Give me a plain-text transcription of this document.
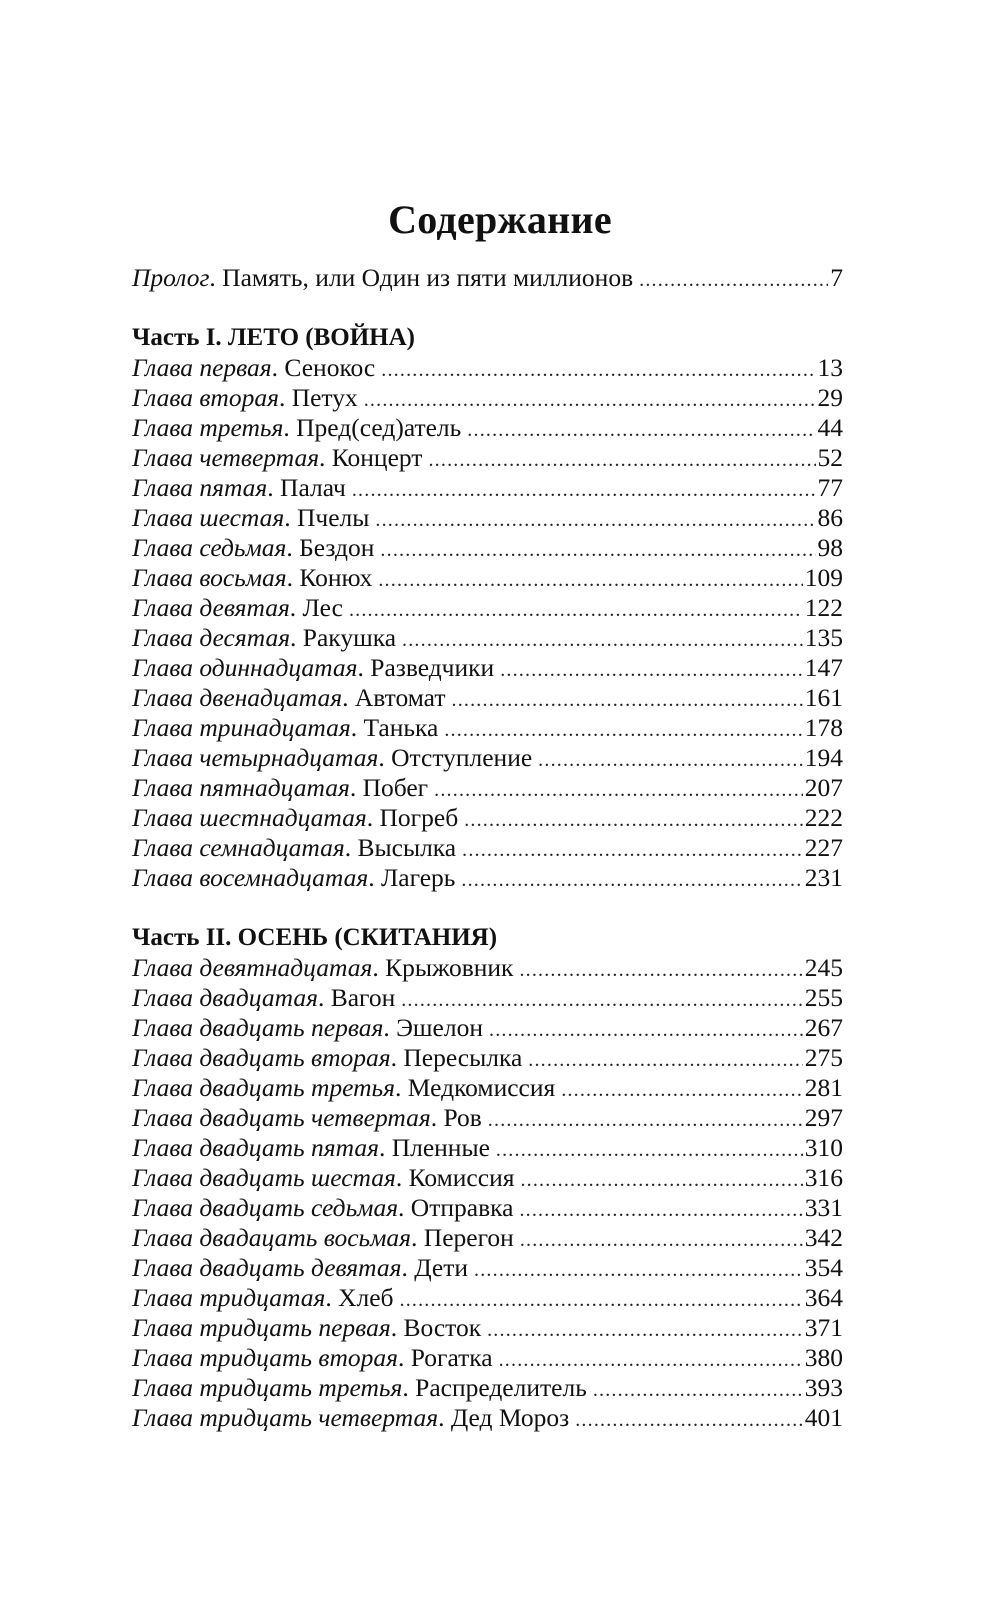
Содержание
Пролог . Память, или Один из пяти миллионов .....	7
Часть I. ЛЕТО (ВОЙНА)
Глава первая . Сенокос .....	13
Глава вторая . Петух .....	29
Глава третья . Пред(сед)атель .....	44
Глава четвертая . Концерт .....	52
Глава пятая . Палач .....	77
Глава шестая . Пчелы .....	86
Глава седьмая . Бездон .....	98
Глава восьмая . Конюх .....	109
Глава девятая . Лес .....	122
Глава десятая . Ракушка .....	135
Глава одиннадцатая . Разведчики .....	147
Глава двенадцатая . Автомат .....	161
Глава тринадцатая . Танька .....	178
Глава четырнадцатая . Отступление .....	194
Глава пятнадцатая . Побег .....	207
Глава шестнадцатая . Погреб .....	222
Глава семнадцатая . Высылка .....	227
Глава восемнадцатая . Лагерь .....	231
Часть II. ОСЕНЬ (СКИТАНИЯ)
Глава девятнадцатая . Крыжовник .....	245
Глава двадцатая . Вагон .....	255
Глава двадцать первая . Эшелон .....	267
Глава двадцать вторая . Пересылка .....	275
Глава двадцать третья . Медкомиссия .....	281
Глава двадцать четвертая . Ров .....	297
Глава двадцать пятая . Пленные .....	310
Глава двадцать шестая . Комиссия .....	316
Глава двадцать седьмая . Отправка .....	331
Глава двадацать восьмая . Перегон .....	342
Глава двадцать девятая . Дети .....	354
Глава тридцатая . Хлеб .....	364
Глава тридцать первая . Восток .....	371
Глава тридцать вторая . Рогатка .....	380
Глава тридцать третья . Распределитель .....	393
Глава тридцать четвертая . Дед Мороз .....	401
